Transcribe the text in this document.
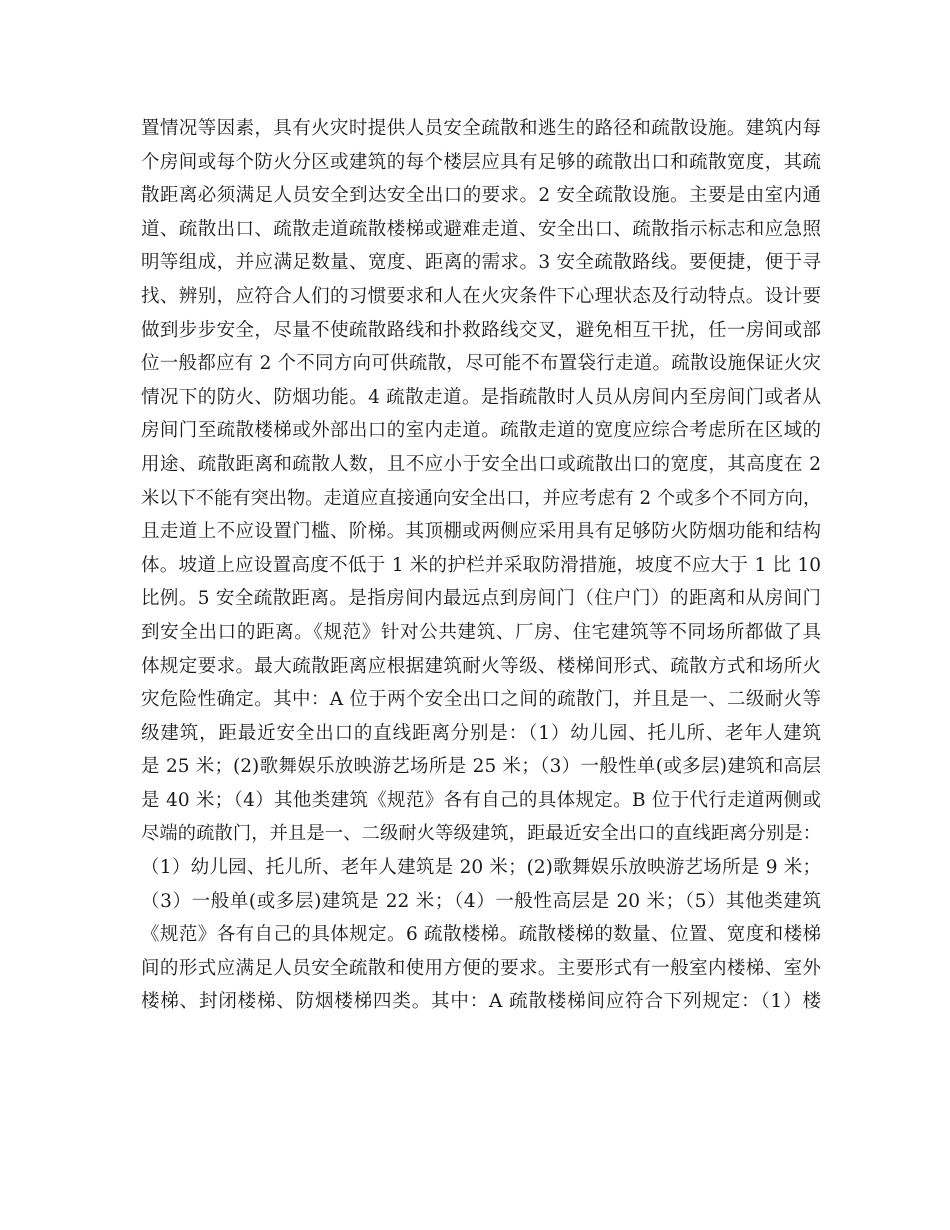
置情况等因素，具有火灾时提供人员安全疏散和逃生的路径和疏散设施。建筑内每
个房间或每个防火分区或建筑的每个楼层应具有足够的疏散出口和疏散宽度，其疏
散距离必须满足人员安全到达安全出口的要求。2 安全疏散设施。主要是由室内通
道、疏散出口、疏散走道疏散楼梯或避难走道、安全出口、疏散指示标志和应急照
明等组成，并应满足数量、宽度、距离的需求。3 安全疏散路线。要便捷，便于寻
找、辨别，应符合人们的习惯要求和人在火灾条件下心理状态及行动特点。设计要
做到步步安全，尽量不使疏散路线和扑救路线交叉，避免相互干扰，任一房间或部
位一般都应有 2 个不同方向可供疏散，尽可能不布置袋行走道。疏散设施保证火灾
情况下的防火、防烟功能。4 疏散走道。是指疏散时人员从房间内至房间门或者从
房间门至疏散楼梯或外部出口的室内走道。疏散走道的宽度应综合考虑所在区域的
用途、疏散距离和疏散人数，且不应小于安全出口或疏散出口的宽度，其高度在 2
米以下不能有突出物。走道应直接通向安全出口，并应考虑有 2 个或多个不同方向，
且走道上不应设置门槛、阶梯。其顶棚或两侧应采用具有足够防火防烟功能和结构
体。坡道上应设置高度不低于 1 米的护栏并采取防滑措施，坡度不应大于 1 比 10
比例。5 安全疏散距离。是指房间内最远点到房间门（住户门）的距离和从房间门
到安全出口的距离。《规范》针对公共建筑、厂房、住宅建筑等不同场所都做了具
体规定要求。最大疏散距离应根据建筑耐火等级、楼梯间形式、疏散方式和场所火
灾危险性确定。其中：A 位于两个安全出口之间的疏散门，并且是一、二级耐火等
级建筑，距最近安全出口的直线距离分别是：（1）幼儿园、托儿所、老年人建筑
是 25 米；(2)歌舞娱乐放映游艺场所是 25 米；（3）一般性单(或多层)建筑和高层
是 40 米；（4）其他类建筑《规范》各有自己的具体规定。B 位于代行走道两侧或
尽端的疏散门，并且是一、二级耐火等级建筑，距最近安全出口的直线距离分别是：
（1）幼儿园、托儿所、老年人建筑是 20 米；(2)歌舞娱乐放映游艺场所是 9 米；
（3）一般单(或多层)建筑是 22 米；（4）一般性高层是 20 米；（5）其他类建筑
《规范》各有自己的具体规定。6 疏散楼梯。疏散楼梯的数量、位置、宽度和楼梯
间的形式应满足人员安全疏散和使用方便的要求。主要形式有一般室内楼梯、室外
楼梯、封闭楼梯、防烟楼梯四类。其中：A 疏散楼梯间应符合下列规定：（1）楼
